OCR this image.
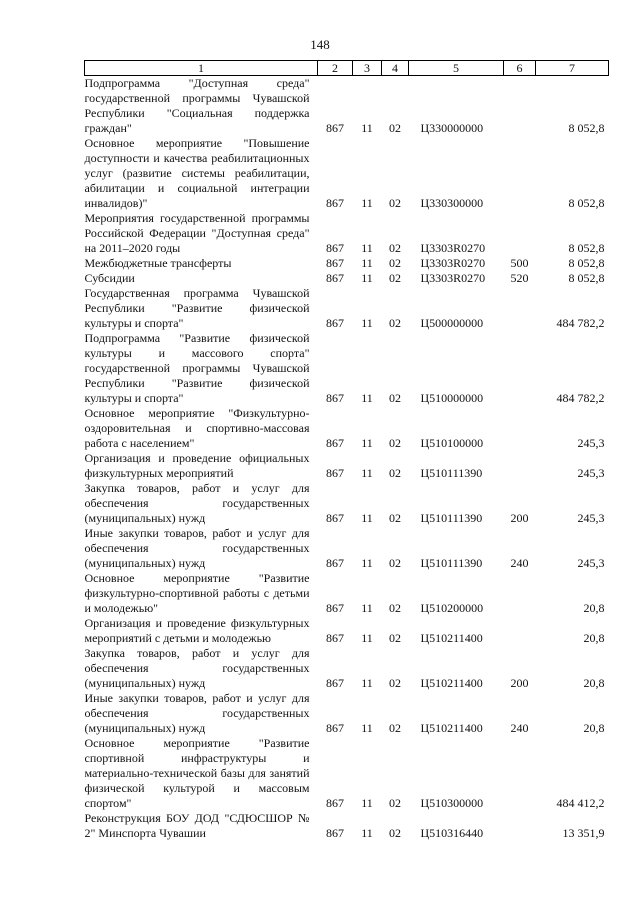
148
1	2	3	4	5	6	7
Подпрограмма "Доступная среда" государственной программы Чувашской Республики "Социальная поддержка граждан"	867	11	02	Ц330000000		8 052,8
Основное мероприятие "Повышение доступности и качества реабилитационных услуг (развитие системы реабилитации, абилитации и социальной интеграции инвалидов)"	867	11	02	Ц330300000		8 052,8
Мероприятия государственной программы Российской Федерации "Доступная среда" на 2011–2020 годы	867	11	02	Ц3303R0270		8 052,8
Межбюджетные трансферты	867	11	02	Ц3303R0270	500	8 052,8
Субсидии	867	11	02	Ц3303R0270	520	8 052,8
Государственная программа Чувашской Республики "Развитие физической культуры и спорта"	867	11	02	Ц500000000		484 782,2
Подпрограмма "Развитие физической культуры и массового спорта" государственной программы Чувашской Республики "Развитие физической культуры и спорта"	867	11	02	Ц510000000		484 782,2
Основное мероприятие "Физкультурно-оздоровительная и спортивно-массовая работа с населением"	867	11	02	Ц510100000		245,3
Организация и проведение официальных физкультурных мероприятий	867	11	02	Ц510111390		245,3
Закупка товаров, работ и услуг для обеспечения государственных (муниципальных) нужд	867	11	02	Ц510111390	200	245,3
Иные закупки товаров, работ и услуг для обеспечения государственных (муниципальных) нужд	867	11	02	Ц510111390	240	245,3
Основное мероприятие "Развитие физкультурно-спортивной работы с детьми и молодежью"	867	11	02	Ц510200000		20,8
Организация и проведение физкультурных мероприятий с детьми и молодежью	867	11	02	Ц510211400		20,8
Закупка товаров, работ и услуг для обеспечения государственных (муниципальных) нужд	867	11	02	Ц510211400	200	20,8
Иные закупки товаров, работ и услуг для обеспечения государственных (муниципальных) нужд	867	11	02	Ц510211400	240	20,8
Основное мероприятие "Развитие спортивной инфраструктуры и материально-технической базы для занятий физической культурой и массовым спортом"	867	11	02	Ц510300000		484 412,2
Реконструкция БОУ ДОД "СДЮСШОР № 2" Минспорта Чувашии	867	11	02	Ц510316440		13 351,9
